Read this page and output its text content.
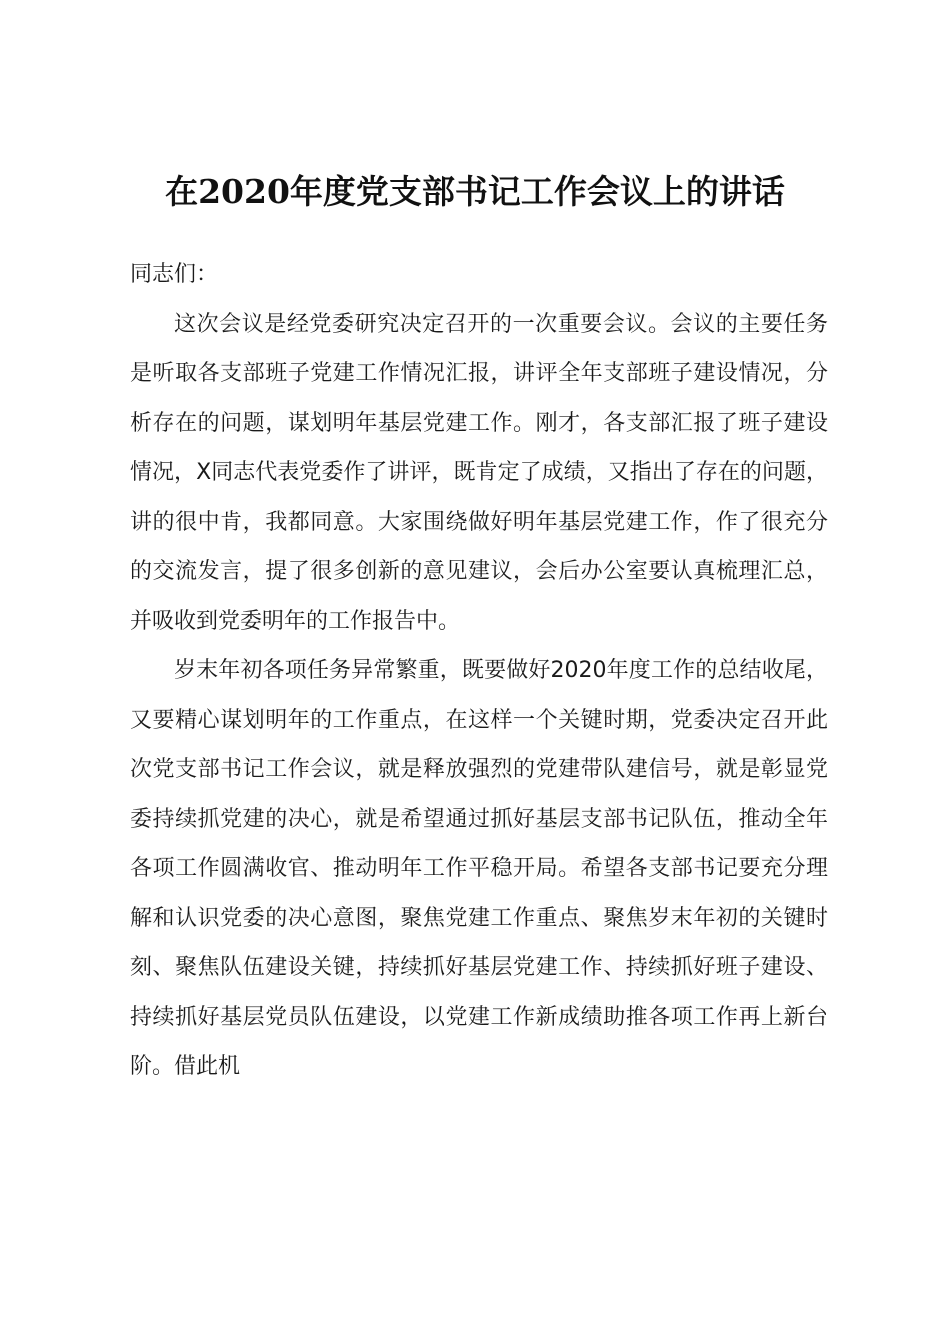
在2020年度党支部书记工作会议上的讲话

同志们：

这次会议是经党委研究决定召开的一次重要会议。会议的主要任务是听取各支部班子党建工作情况汇报，讲评全年支部班子建设情况，分析存在的问题，谋划明年基层党建工作。刚才，各支部汇报了班子建设情况，X同志代表党委作了讲评，既肯定了成绩，又指出了存在的问题，讲的很中肯，我都同意。大家围绕做好明年基层党建工作，作了很充分的交流发言，提了很多创新的意见建议，会后办公室要认真梳理汇总，并吸收到党委明年的工作报告中。

岁末年初各项任务异常繁重，既要做好2020年度工作的总结收尾，又要精心谋划明年的工作重点，在这样一个关键时期，党委决定召开此次党支部书记工作会议，就是释放强烈的党建带队建信号，就是彰显党委持续抓党建的决心，就是希望通过抓好基层支部书记队伍，推动全年各项工作圆满收官、推动明年工作平稳开局。希望各支部书记要充分理解和认识党委的决心意图，聚焦党建工作重点、聚焦岁末年初的关键时刻、聚焦队伍建设关键，持续抓好基层党建工作、持续抓好班子建设、持续抓好基层党员队伍建设，以党建工作新成绩助推各项工作再上新台阶。借此机
